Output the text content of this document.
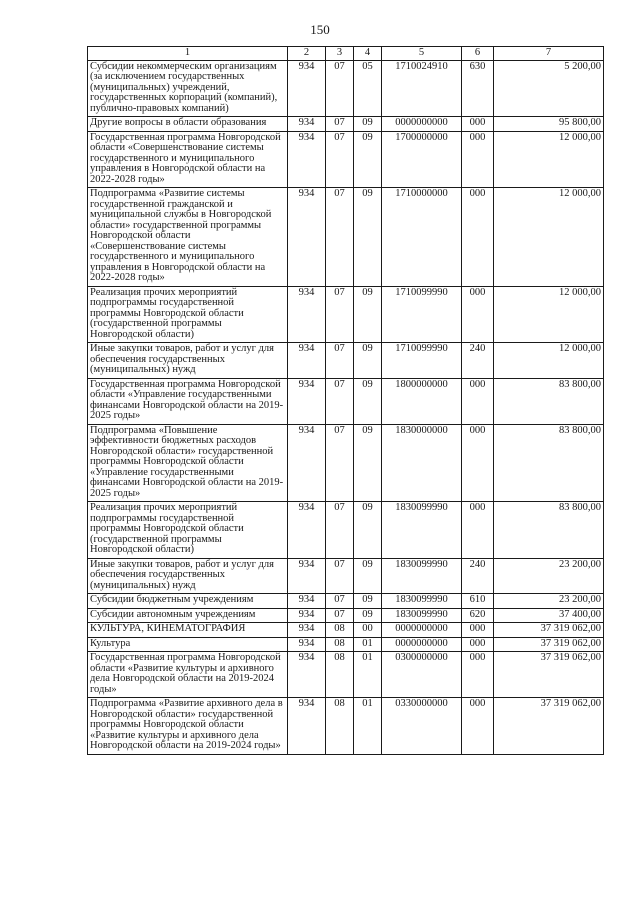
150
1	2	3	4	5	6	7
Субсидии некоммерческим организациям (за исключением государственных (муниципальных) учреждений, государственных корпораций (компаний), публично-правовых компаний)	934	07	05	1710024910	630	5 200,00
Другие вопросы в области образования	934	07	09	0000000000	000	95 800,00
Государственная программа Новгородской области «Совершенствование системы государственного и муниципального управления в Новгородской области на 2022-2028 годы»	934	07	09	1700000000	000	12 000,00
Подпрограмма «Развитие системы государственной гражданской и муниципальной службы в Новгородской области» государственной программы Новгородской области «Совершенствование системы государственного и муниципального управления в Новгородской области на 2022-2028 годы»	934	07	09	1710000000	000	12 000,00
Реализация прочих мероприятий подпрограммы государственной программы Новгородской области (государственной программы Новгородской области)	934	07	09	1710099990	000	12 000,00
Иные закупки товаров, работ и услуг для обеспечения государственных (муниципальных) нужд	934	07	09	1710099990	240	12 000,00
Государственная программа Новгородской области «Управление государственными финансами Новгородской области на 2019-2025 годы»	934	07	09	1800000000	000	83 800,00
Подпрограмма «Повышение эффективности бюджетных расходов Новгородской области» государственной программы Новгородской области «Управление государственными финансами Новгородской области на 2019-2025 годы»	934	07	09	1830000000	000	83 800,00
Реализация прочих мероприятий подпрограммы государственной программы Новгородской области (государственной программы Новгородской области)	934	07	09	1830099990	000	83 800,00
Иные закупки товаров, работ и услуг для обеспечения государственных (муниципальных) нужд	934	07	09	1830099990	240	23 200,00
Субсидии бюджетным учреждениям	934	07	09	1830099990	610	23 200,00
Субсидии автономным учреждениям	934	07	09	1830099990	620	37 400,00
КУЛЬТУРА, КИНЕМАТОГРАФИЯ	934	08	00	0000000000	000	37 319 062,00
Культура	934	08	01	0000000000	000	37 319 062,00
Государственная программа Новгородской области «Развитие культуры и архивного дела Новгородской области на 2019-2024 годы»	934	08	01	0300000000	000	37 319 062,00
Подпрограмма «Развитие архивного дела в Новгородской области» государственной программы Новгородской области «Развитие культуры и архивного дела Новгородской области на 2019-2024 годы»	934	08	01	0330000000	000	37 319 062,00
